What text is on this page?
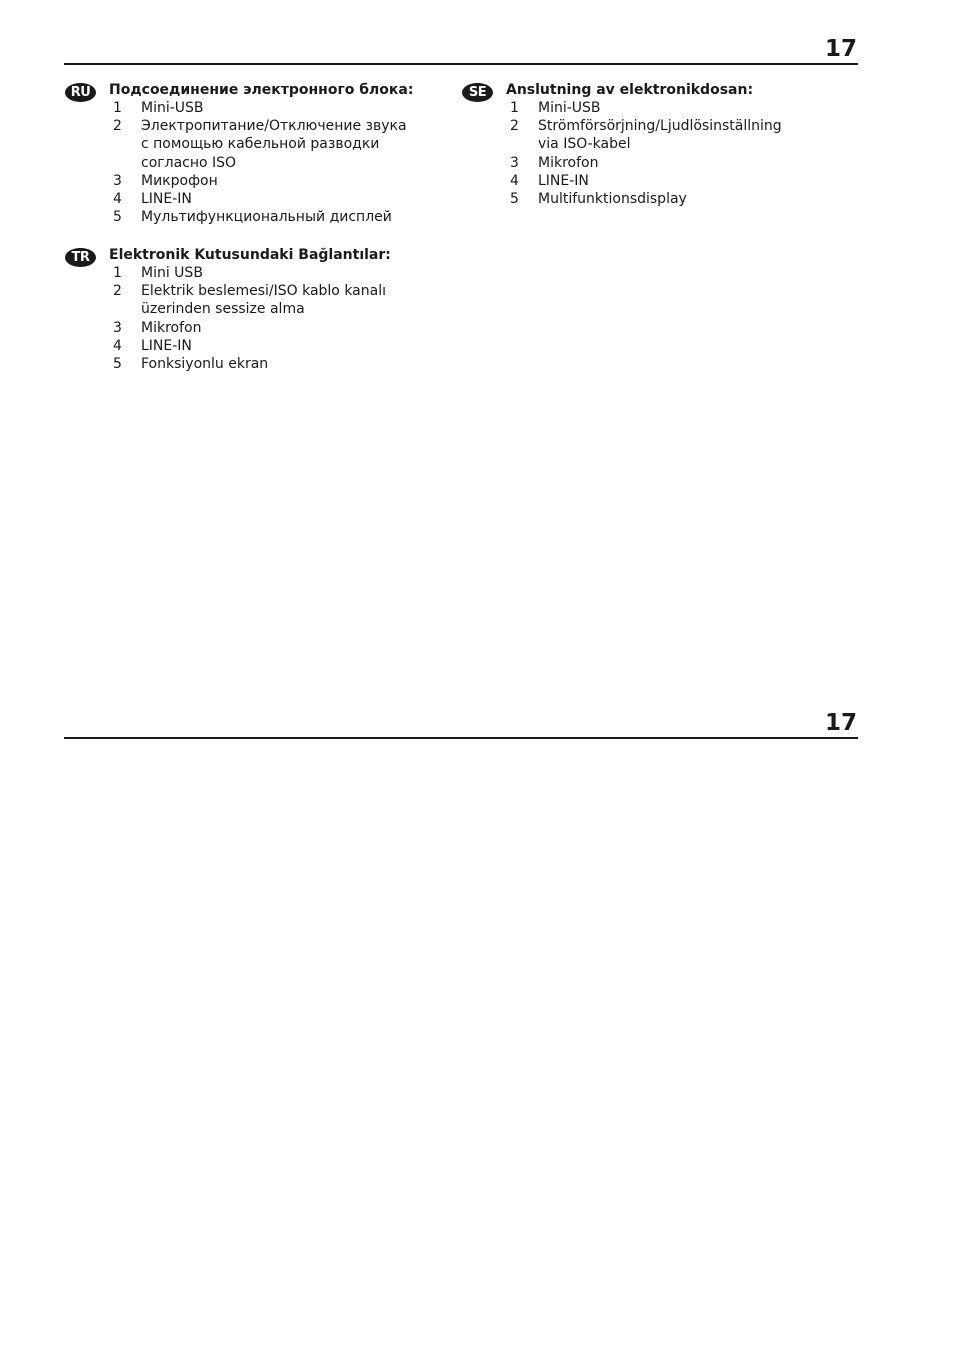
17
RU	Подсоединение электронного блока:
1	Mini-USB
2	Электропитание/Отключение звука
с помощью кабельной разводки
согласно ISO
3	Микрофон
4	LINE-IN
5	Мультифункциональный дисплей
TR	Elektronik Kutusundaki Bağlantılar:
1	Mini USB
2	Elektrik beslemesi/ISO kablo kanalı
üzerinden sessize alma
3	Mikrofon
4	LINE-IN
5	Fonksiyonlu ekran
SE	Anslutning av elektronikdosan:
1	Mini-USB
2	Strömförsörjning/Ljudlösinställning
via ISO-kabel
3	Mikrofon
4	LINE-IN
5	Multifunktionsdisplay
17
